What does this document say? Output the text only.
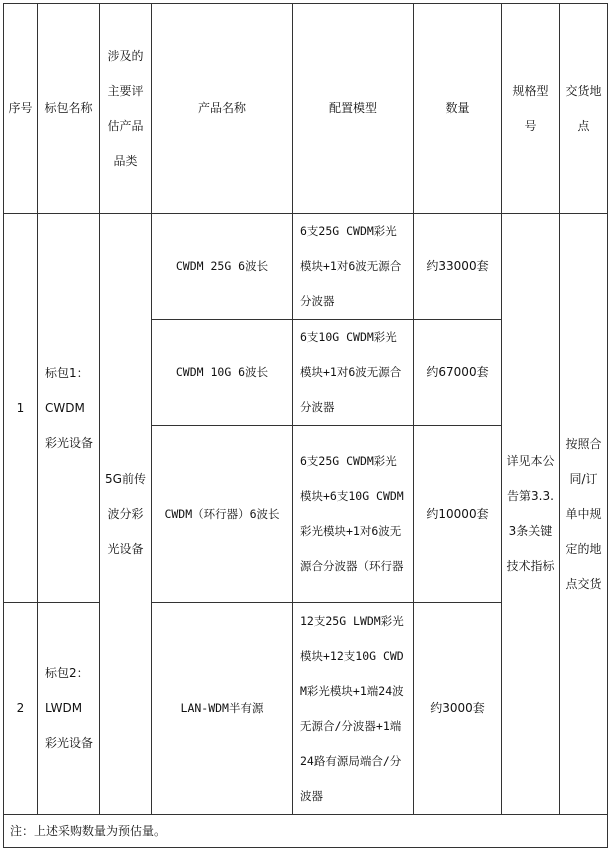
序号	标包名称	涉及的主要评估产品品类	产品名称	配置模型	数量	规格型号	交货地点
1	标包1：CWDM彩光设备	5G前传波分彩光设备	CWDM 25G 6波长	6支25G CWDM彩光模块+1对6波无源合分波器	约33000套	详见本公告第3.3.3条关键技术指标	按照合同/订单中规定的地点交货
			CWDM 10G 6波长	6支10G CWDM彩光模块+1对6波无源合分波器	约67000套		
			CWDM（环行器）6波长	6支25G CWDM彩光模块+6支10G CWDM彩光模块+1对6波无源合分波器（环行器	约10000套		
2	标包2：LWDM彩光设备		LAN-WDM半有源	12支25G LWDM彩光模块+12支10G CWDM彩光模块+1端24波无源合/分波器+1端24路有源局端合/分波器	约3000套		
注：上述采购数量为预估量。							
